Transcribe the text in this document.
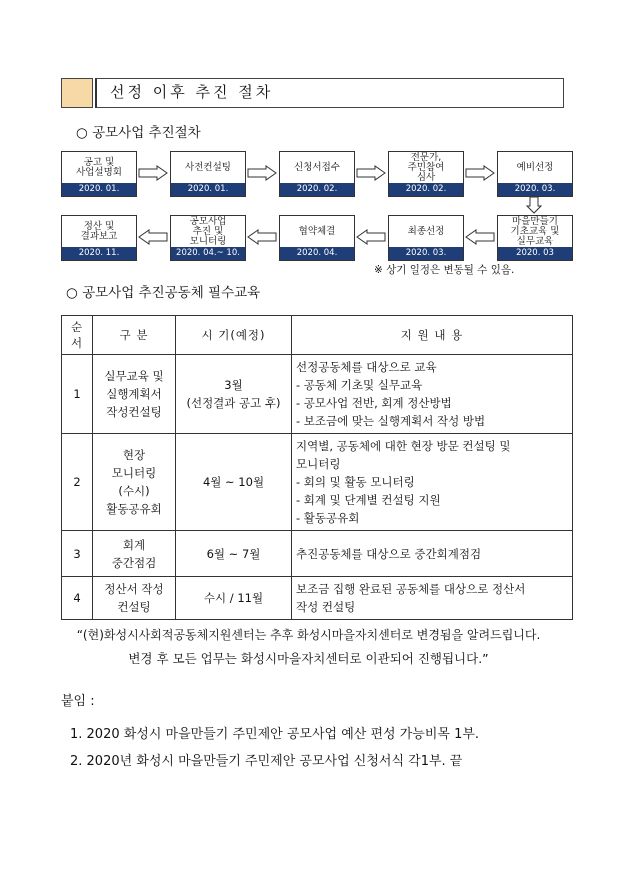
선정 이후 추진 절차
○ 공모사업 추진절차
공고 및
사업설명회
2020. 01.
사전컨설팅
2020. 01.
신청서접수
2020. 02.
전문가,
주민참여
심사
2020. 02.
예비선정
2020. 03.
마을만들기
기초교육 및
실무교육
2020. 03
최종선정
2020. 03.
협약체결
2020. 04.
공모사업
추진 및
모니터링
2020. 04.~ 10.
정산 및
결과보고
2020. 11.
※ 상기 일정은 변동될 수 있음.
○ 공모사업 추진공동체 필수교육
순서	구 분	시 기(예정)	지 원 내 용
1	실무교육 및
실행계획서
작성컨설팅	3월
(선정결과 공고 후)	선정공동체를 대상으로 교육
- 공동체 기초및 실무교육
- 공모사업 전반, 회계 정산방법
- 보조금에 맞는 실행계획서 작성 방법

2	현장
모니터링
(수시)
활동공유회	4월 ~ 10월	지역별, 공동체에 대한 현장 방문 컨설팅 및
모니터링
- 회의 및 활동 모니터링
- 회계 및 단계별 컨설팅 지원
- 활동공유회

3	회계
중간점검	6월 ~ 7월	추진공동체를 대상으로 중간회계점검

4	정산서 작성
컨설팅	수시 / 11월	보조금 집행 완료된 공동체를 대상으로 정산서
작성 컨설팅
“(현)화성시사회적공동체지원센터는 추후 화성시마을자치센터로 변경됨을 알려드립니다.
변경 후 모든 업무는 화성시마을자치센터로 이관되어 진행됩니다.”
붙임 :
1. 2020 화성시 마을만들기 주민제안 공모사업 예산 편성 가능비목 1부.
2. 2020년 화성시 마을만들기 주민제안 공모사업 신청서식 각1부. 끝
